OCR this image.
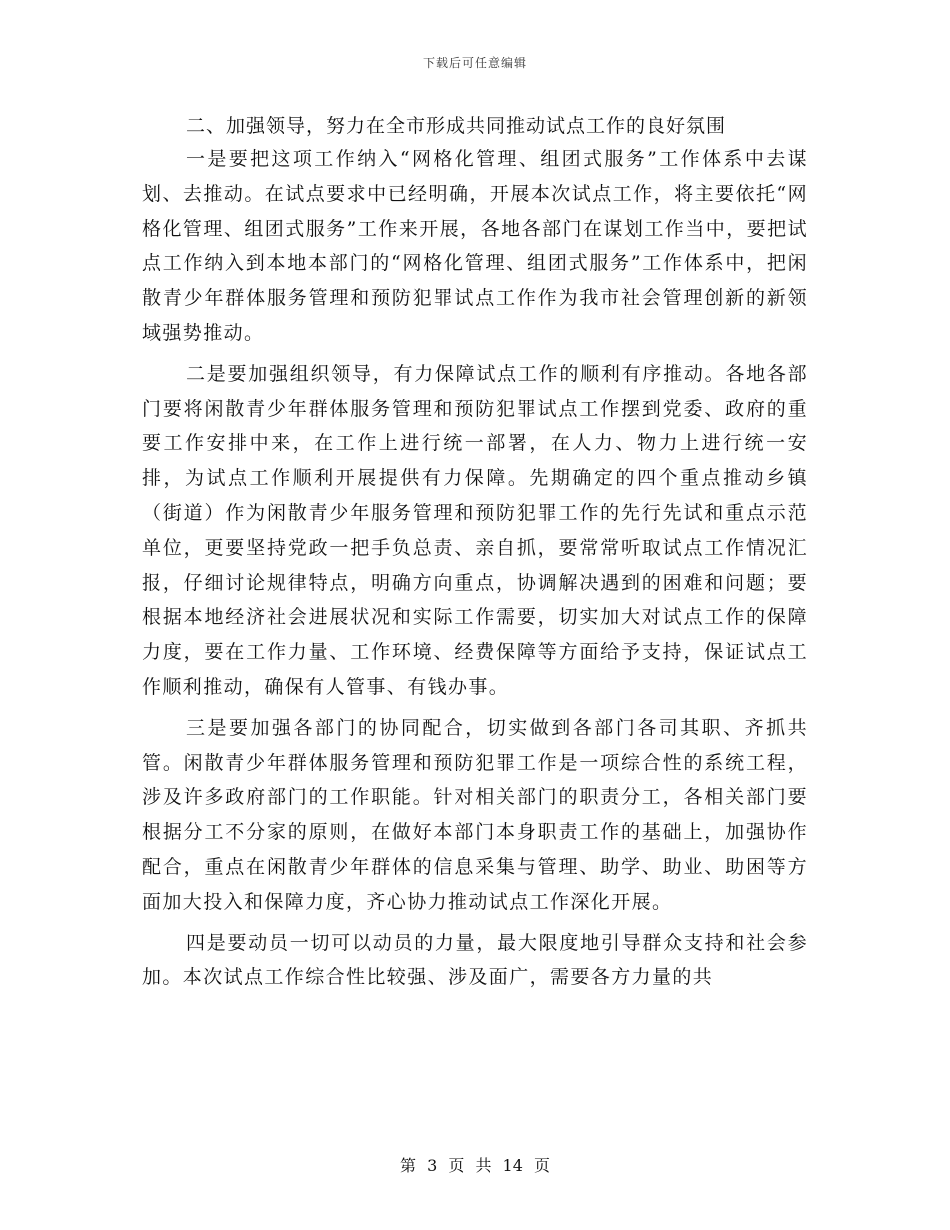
下载后可任意编辑

二、加强领导，努力在全市形成共同推动试点工作的良好氛围

一是要把这项工作纳入“网格化管理、组团式服务”工作体系中去谋划、去推动。在试点要求中已经明确，开展本次试点工作，将主要依托“网格化管理、组团式服务”工作来开展，各地各部门在谋划工作当中，要把试点工作纳入到本地本部门的“网格化管理、组团式服务”工作体系中，把闲散青少年群体服务管理和预防犯罪试点工作作为我市社会管理创新的新领域强势推动。

二是要加强组织领导，有力保障试点工作的顺利有序推动。各地各部门要将闲散青少年群体服务管理和预防犯罪试点工作摆到党委、政府的重要工作安排中来，在工作上进行统一部署，在人力、物力上进行统一安排，为试点工作顺利开展提供有力保障。先期确定的四个重点推动乡镇（街道）作为闲散青少年服务管理和预防犯罪工作的先行先试和重点示范单位，更要坚持党政一把手负总责、亲自抓，要常常听取试点工作情况汇报，仔细讨论规律特点，明确方向重点，协调解决遇到的困难和问题；要根据本地经济社会进展状况和实际工作需要，切实加大对试点工作的保障力度，要在工作力量、工作环境、经费保障等方面给予支持，保证试点工作顺利推动，确保有人管事、有钱办事。

三是要加强各部门的协同配合，切实做到各部门各司其职、齐抓共管。闲散青少年群体服务管理和预防犯罪工作是一项综合性的系统工程，涉及许多政府部门的工作职能。针对相关部门的职责分工，各相关部门要根据分工不分家的原则，在做好本部门本身职责工作的基础上，加强协作配合，重点在闲散青少年群体的信息采集与管理、助学、助业、助困等方面加大投入和保障力度，齐心协力推动试点工作深化开展。

四是要动员一切可以动员的力量，最大限度地引导群众支持和社会参加。本次试点工作综合性比较强、涉及面广，需要各方力量的共

第 3 页 共 14 页
